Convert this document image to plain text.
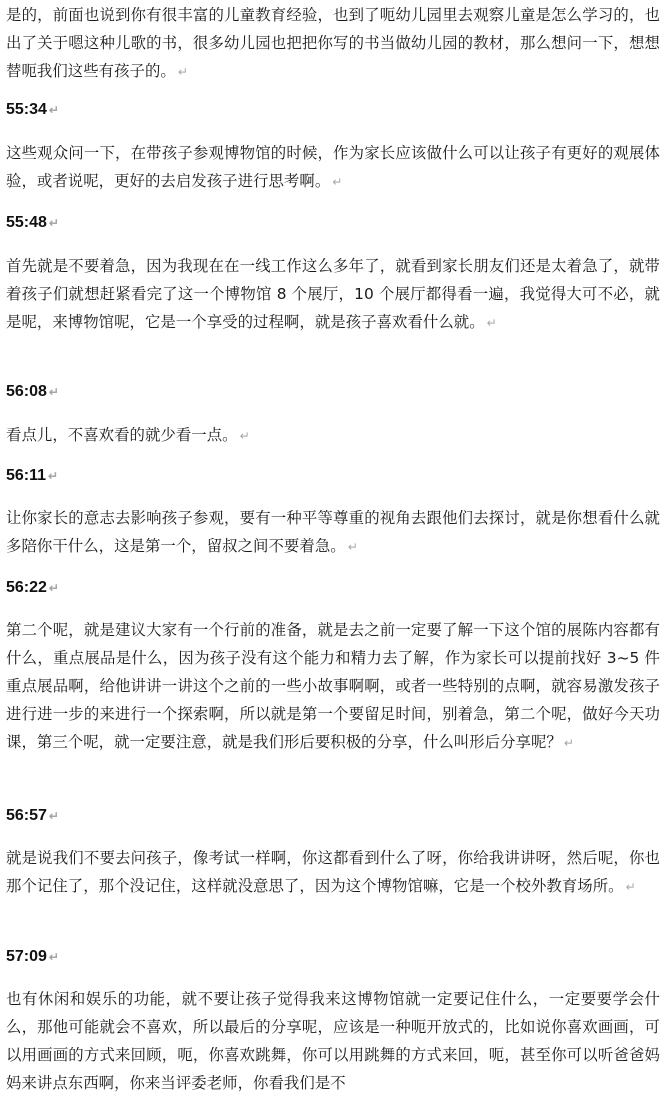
是的，前面也说到你有很丰富的儿童教育经验，也到了呃幼儿园里去观察儿童是怎么学习的，也出了关于嗯这种儿歌的书，很多幼儿园也把把你写的书当做幼儿园的教材，那么想问一下，想想替呃我们这些有孩子的。 ↵

55:34 ↵

这些观众问一下，在带孩子参观博物馆的时候，作为家长应该做什么可以让孩子有更好的观展体验，或者说呢，更好的去启发孩子进行思考啊。 ↵

55:48 ↵

首先就是不要着急，因为我现在在一线工作这么多年了，就看到家长朋友们还是太着急了，就带着孩子们就想赶紧看完了这一个博物馆 8 个展厅，10 个展厅都得看一遍，我觉得大可不必，就是呢，来博物馆呢，它是一个享受的过程啊，就是孩子喜欢看什么就。 ↵

56:08 ↵

看点儿，不喜欢看的就少看一点。 ↵

56:11 ↵

让你家长的意志去影响孩子参观，要有一种平等尊重的视角去跟他们去探讨，就是你想看什么就多陪你干什么，这是第一个，留叔之间不要着急。 ↵

56:22 ↵

第二个呢，就是建议大家有一个行前的准备，就是去之前一定要了解一下这个馆的展陈内容都有什么，重点展品是什么，因为孩子没有这个能力和精力去了解，作为家长可以提前找好 3~5 件重点展品啊，给他讲讲一讲这个之前的一些小故事啊啊，或者一些特别的点啊，就容易激发孩子进行进一步的来进行一个探索啊，所以就是第一个要留足时间，别着急，第二个呢，做好今天功课，第三个呢，就一定要注意，就是我们形后要积极的分享，什么叫形后分享呢？ ↵

56:57 ↵

就是说我们不要去问孩子，像考试一样啊，你这都看到什么了呀，你给我讲讲呀，然后呢，你也那个记住了，那个没记住，这样就没意思了，因为这个博物馆嘛，它是一个校外教育场所。 ↵

57:09 ↵

也有休闲和娱乐的功能，就不要让孩子觉得我来这博物馆就一定要记住什么，一定要要学会什么，那他可能就会不喜欢，所以最后的分享呢，应该是一种呃开放式的，比如说你喜欢画画，可以用画画的方式来回顾，呃，你喜欢跳舞，你可以用跳舞的方式来回，呃，甚至你可以听爸爸妈妈来讲点东西啊，你来当评委老师，你看我们是不
